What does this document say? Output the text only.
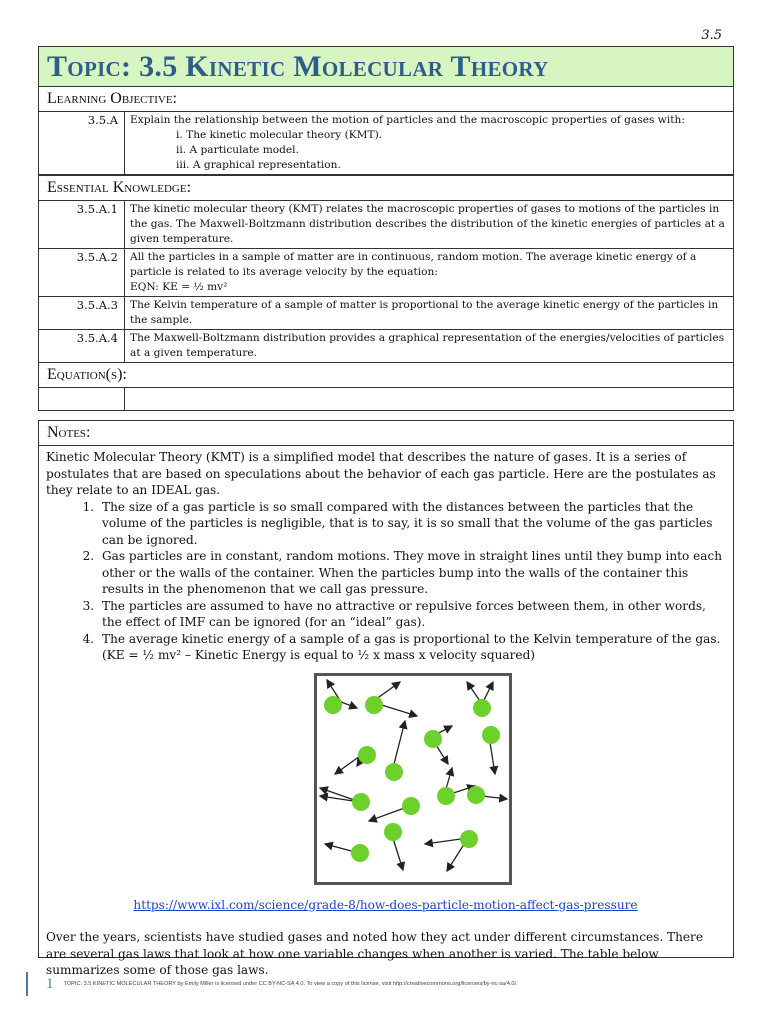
3.5
Topic: 3.5 Kinetic Molecular Theory
Learning Objective:
3.5.A	Explain the relationship between the motion of particles and the macroscopic properties of gases with:
i. The kinetic molecular theory (KMT).
ii. A particulate model.
iii. A graphical representation.
Essential Knowledge:
3.5.A.1	The kinetic molecular theory (KMT) relates the macroscopic properties of gases to motions of the particles in the gas. The Maxwell-Boltzmann distribution describes the distribution of the kinetic energies of particles at a given temperature.
3.5.A.2	All the particles in a sample of matter are in continuous, random motion. The average kinetic energy of a particle is related to its average velocity by the equation:
EQN: KE = ½ mv²
3.5.A.3	The Kelvin temperature of a sample of matter is proportional to the average kinetic energy of the particles in the sample.
3.5.A.4	The Maxwell-Boltzmann distribution provides a graphical representation of the energies/velocities of particles at a given temperature.
Equation(s):
Notes:

Kinetic Molecular Theory (KMT) is a simplified model that describes the nature of gases. It is a series of postulates that are based on speculations about the behavior of each gas particle. Here are the postulates as they relate to an IDEAL gas.

1. The size of a gas particle is so small compared with the distances between the particles that the volume of the particles is negligible, that is to say, it is so small that the volume of the gas particles can be ignored.
2. Gas particles are in constant, random motions. They move in straight lines until they bump into each other or the walls of the container. When the particles bump into the walls of the container this results in the phenomenon that we call gas pressure.
3. The particles are assumed to have no attractive or repulsive forces between them, in other words, the effect of IMF can be ignored (for an “ideal” gas).
4. The average kinetic energy of a sample of a gas is proportional to the Kelvin temperature of the gas. (KE = ½ mv² – Kinetic Energy is equal to ½ x mass x velocity squared)
https://www.ixl.com/science/grade-8/how-does-particle-motion-affect-gas-pressure

Over the years, scientists have studied gases and noted how they act under different circumstances. There are several gas laws that look at how one variable changes when another is varied. The table below summarizes some of those gas laws.

1 TOPIC: 3.5 KINETIC MOLECULAR THEORY by Emily Miller is licensed under CC BY-NC-SA 4.0. To view a copy of this license, visit http://creativecommons.org/licenses/by-nc-sa/4.0/.
